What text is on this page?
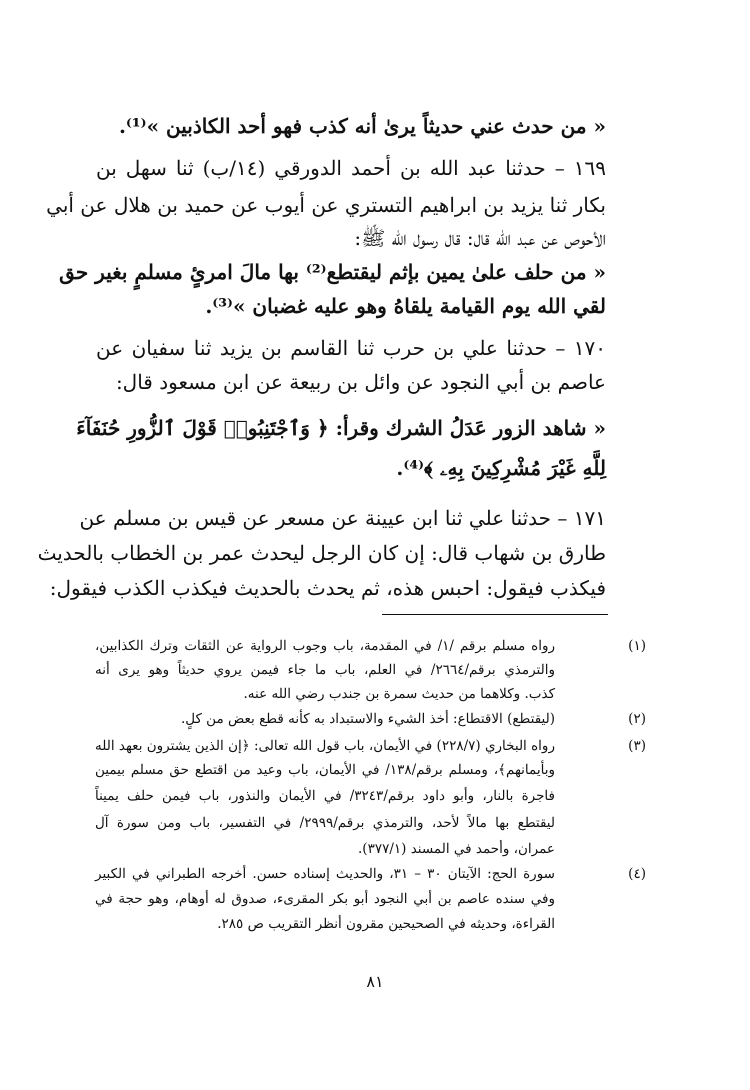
« من حدث عني حديثاً يرىٰ أنه كذب فهو أحد الكاذبين »⁽¹⁾.
١٦٩ – حدثنا عبد الله بن أحمد الدورقي (١٤/ب) ثنا سهل بن
بكار ثنا يزيد بن ابراهيم التستري عن أيوب عن حميد بن هلال عن أبي
الأحوص عن عبد الله قال: قال رسول الله ﷺ:
« من حلف علىٰ يمين بإثم ليقتطع⁽²⁾ بها مالَ امرئٍ مسلمٍ بغير حق
لقي الله يوم القيامة يلقاهُ وهو عليه غضبان »⁽³⁾.
١٧٠ – حدثنا علي بن حرب ثنا القاسم بن يزيد ثنا سفيان عن
عاصم بن أبي النجود عن وائل بن ربيعة عن ابن مسعود قال:
« شاهد الزور عَدَلُ الشرك وقرأ: ﴿ وَٱجْتَنِبُوا۟ قَوْلَ ٱلزُّورِ حُنَفَآءَ
لِلَّهِ غَيْرَ مُشْرِكِينَ بِهِۦ ﴾⁽⁴⁾.
١٧١ – حدثنا علي ثنا ابن عيينة عن مسعر عن قيس بن مسلم عن
طارق بن شهاب قال: إن كان الرجل ليحدث عمر بن الخطاب بالحديث
فيكذب فيقول: احبس هذه، ثم يحدث بالحديث فيكذب الكذب فيقول:
(١)
رواه مسلم برقم /١/ في المقدمة، باب وجوب الرواية عن الثقات وترك الكذابين،
والترمذي برقم/٢٦٦٤/ في العلم، باب ما جاء فيمن يروي حديثاً وهو يرى أنه
كذب. وكلاهما من حديث سمرة بن جندب رضي الله عنه.
(٢)
(ليقتطع) الاقتطاع: أخذ الشيء والاستبداد به كأنه قطع بعض من كلٍ.
(٣)
رواه البخاري (٢٢٨/٧) في الأيمان، باب قول الله تعالى: ﴿إن الذين يشترون بعهد الله
وبأيمانهم﴾، ومسلم برقم/١٣٨/ في الأيمان، باب وعيد من اقتطع حق مسلم بيمين
فاجرة بالنار، وأبو داود برقم/٣٢٤٣/ في الأيمان والنذور، باب فيمن حلف يميناً
ليقتطع بها مالاً لأحد، والترمذي برقم/٢٩٩٩/ في التفسير، باب ومن سورة آل
عمران، وأحمد في المسند (٣٧٧/١).
(٤)
سورة الحج: الآيتان ٣٠ – ٣١، والحديث إسناده حسن. أخرجه الطبراني في الكبير
وفي سنده عاصم بن أبي النجود أبو بكر المقرىء، صدوق له أوهام، وهو حجة في
القراءة، وحديثه في الصحيحين مقرون أنظر التقريب ص ٢٨٥.
٨١
